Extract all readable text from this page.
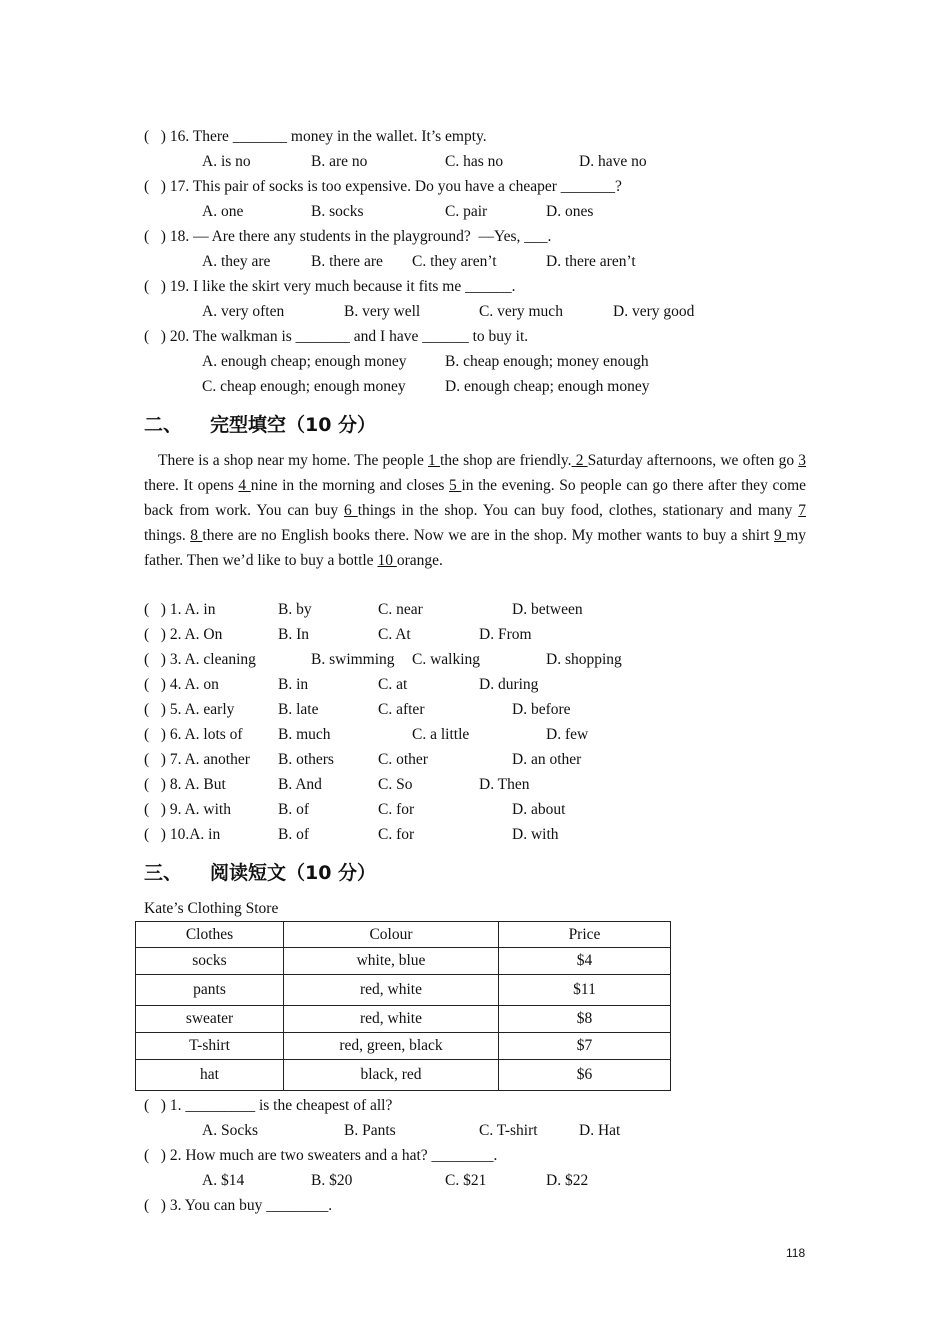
(   ) 16. There _______ money in the wallet. It’s empty.
A. is no	B. are no	C. has no	D. have no
(   ) 17. This pair of socks is too expensive. Do you have a cheaper _______?
A. one	B. socks	C. pair	D. ones
(   ) 18. — Are there any students in the playground?  —Yes, ___.
A. they are	B. there are C. they aren’t	D. there aren’t
(   ) 19. I like the skirt very much because it fits me ______.
A. very often	B. very well	C. very much	D. very good
(   ) 20. The walkman is _______ and I have ______ to buy it.
A. enough cheap; enough money B. cheap enough; money enough
C. cheap enough; enough money	D. enough cheap; enough money
二、 完型填空（10 分）
There is a shop near my home. The people 1 the shop are friendly. 2 Saturday afternoons, we often go 3 there. It opens 4 nine in the morning and closes 5 in the evening. So people can go there after they come back from work. You can buy 6 things in the shop. You can buy food, clothes, stationary and many 7 things. 8 there are no English books there. Now we are in the shop. My mother wants to buy a shirt 9 my father. Then we’d like to buy a bottle 10 orange.
(   ) 1. A. in	B. by	C. near	D. between
(   ) 2. A. On	B. In	C. At	D. From
(   ) 3. A. cleaning	B. swimming C. walking	D. shopping
(   ) 4. A. on	B. in	C. at	D. during
(   ) 5. A. early	B. late	C. after	D. before
(   ) 6. A. lots of B. much	C. a little	D. few
(   ) 7. A. another B. others	C. other	D. an other
(   ) 8. A. But	B. And	C. So	D. Then
(   ) 9. A. with	B. of	C. for	D. about
(   ) 10.A. in	B. of	C. for	D. with
三、 阅读短文（10 分）
Kate’s Clothing Store
Clothes	Colour	Price
socks	white, blue	$4
pants	red, white	$11
sweater	red, white	$8
T-shirt	red, green, black	$7
hat	black, red	$6
(   ) 1. _________ is the cheapest of all?
A. Socks	B. Pants	C. T-shirt	D. Hat
(   ) 2. How much are two sweaters and a hat? ________.
A. $14	B. $20	C. $21	D. $22
(   ) 3. You can buy ________.
118
